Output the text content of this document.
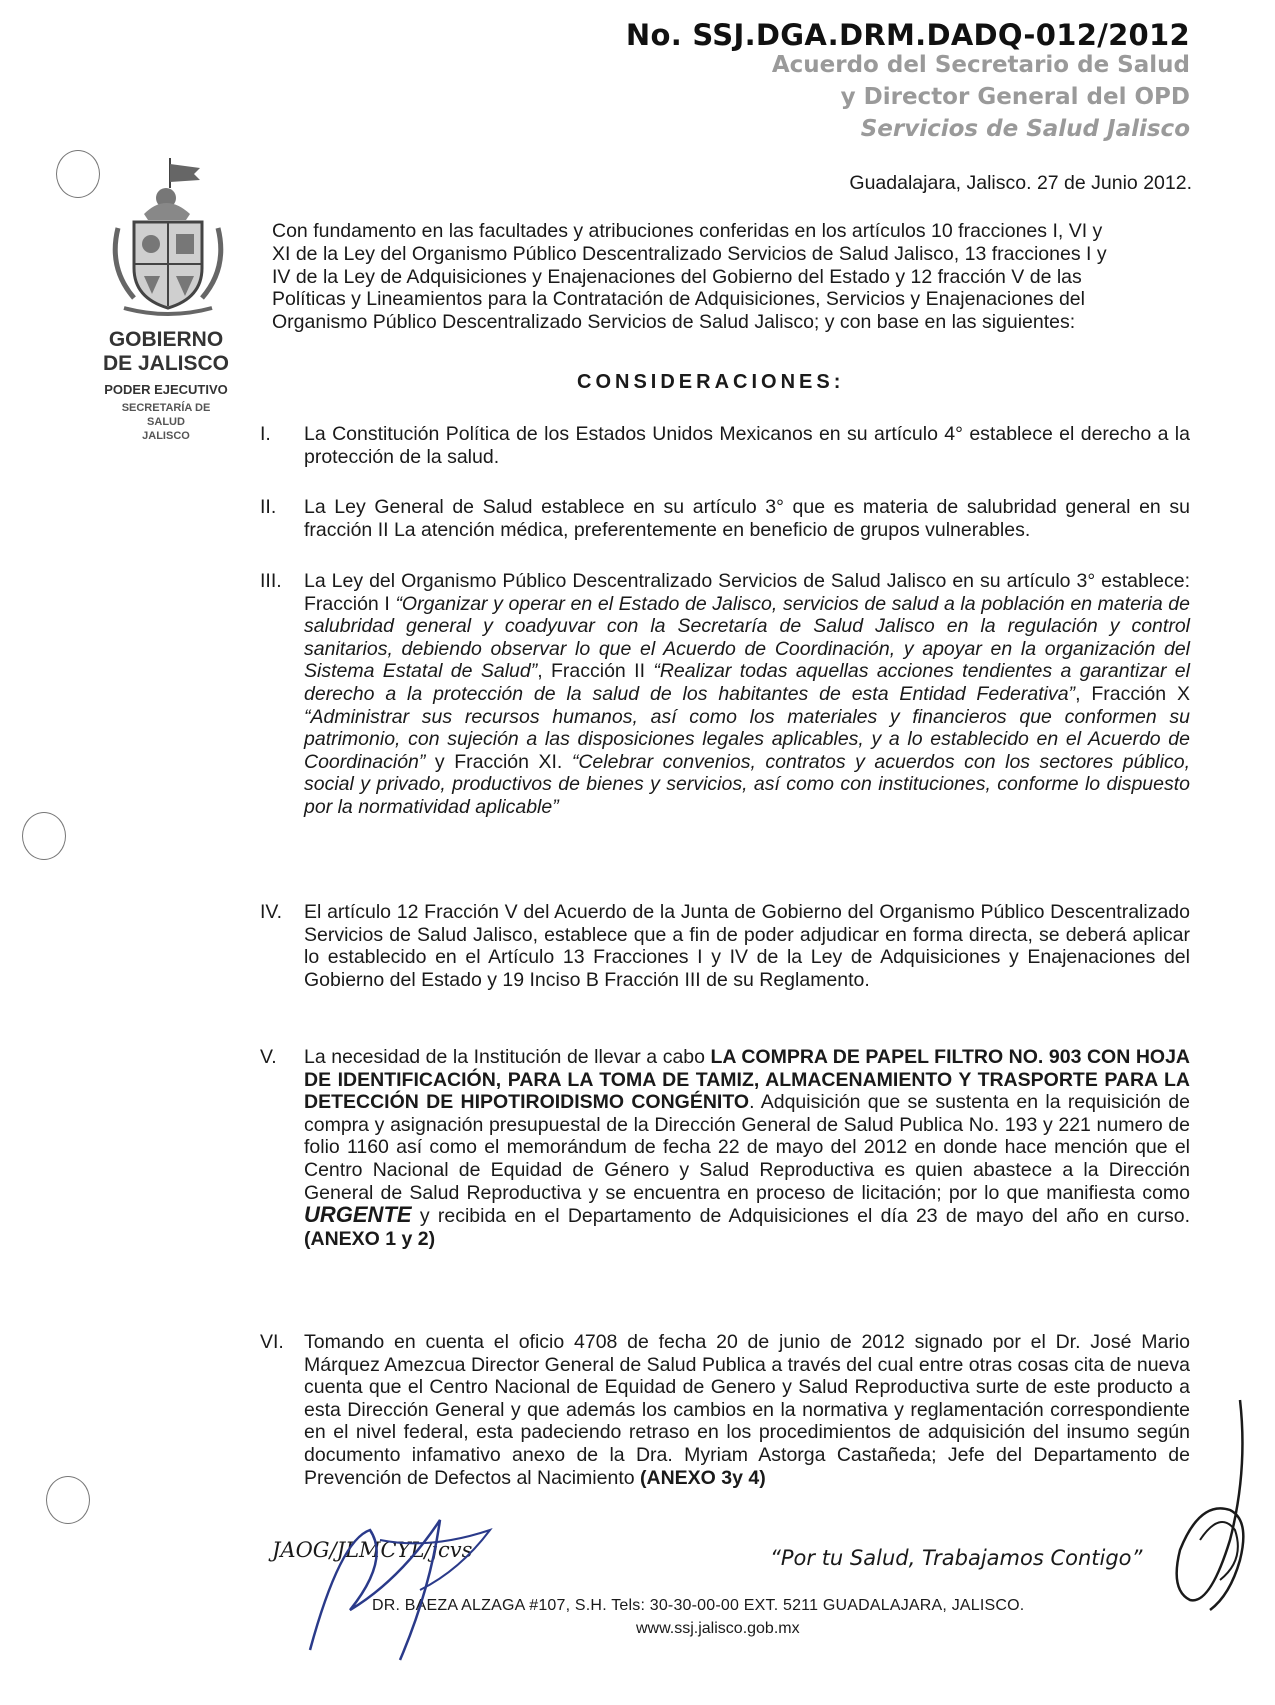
No. SSJ.DGA.DRM.DADQ-012/2012
Acuerdo del Secretario de Salud
y Director General del OPD
Servicios de Salud Jalisco
GOBIERNO
DE JALISCO
PODER EJECUTIVO
SECRETARÍA DE
SALUD
JALISCO
Guadalajara, Jalisco. 27 de Junio 2012.
Con fundamento en las facultades y atribuciones conferidas en los artículos 10 fracciones I, VI y
XI de la Ley del Organismo Público Descentralizado Servicios de Salud Jalisco, 13 fracciones I y
IV de la Ley de Adquisiciones y Enajenaciones del Gobierno del Estado y 12 fracción V de las
Políticas y Lineamientos para la Contratación de Adquisiciones, Servicios y Enajenaciones del
Organismo Público Descentralizado Servicios de Salud Jalisco; y con base en las siguientes:
CONSIDERACIONES:
I.	La Constitución Política de los Estados Unidos Mexicanos en su artículo 4° establece el derecho a la protección de la salud.
II.	La Ley General de Salud establece en su artículo 3° que es materia de salubridad general en su fracción II La atención médica, preferentemente en beneficio de grupos vulnerables.
III.	La Ley del Organismo Público Descentralizado Servicios de Salud Jalisco en su artículo 3° establece: Fracción I “Organizar y operar en el Estado de Jalisco, servicios de salud a la población en materia de salubridad general y coadyuvar con la Secretaría de Salud Jalisco en la regulación y control sanitarios, debiendo observar lo que el Acuerdo de Coordinación, y apoyar en la organización del Sistema Estatal de Salud”, Fracción II “Realizar todas aquellas acciones tendientes a garantizar el derecho a la protección de la salud de los habitantes de esta Entidad Federativa”, Fracción X “Administrar sus recursos humanos, así como los materiales y financieros que conformen su patrimonio, con sujeción a las disposiciones legales aplicables, y a lo establecido en el Acuerdo de Coordinación” y Fracción XI. “Celebrar convenios, contratos y acuerdos con los sectores público, social y privado, productivos de bienes y servicios, así como con instituciones, conforme lo dispuesto por la normatividad aplicable”
IV.	El artículo 12 Fracción V del Acuerdo de la Junta de Gobierno del Organismo Público Descentralizado Servicios de Salud Jalisco, establece que a fin de poder adjudicar en forma directa, se deberá aplicar lo establecido en el Artículo 13 Fracciones I y IV de la Ley de Adquisiciones y Enajenaciones del Gobierno del Estado y 19 Inciso B Fracción III de su Reglamento.
V.	La necesidad de la Institución de llevar a cabo LA COMPRA DE PAPEL FILTRO NO. 903 CON HOJA DE IDENTIFICACIÓN, PARA LA TOMA DE TAMIZ, ALMACENAMIENTO Y TRASPORTE PARA LA DETECCIÓN DE HIPOTIROIDISMO CONGÉNITO. Adquisición que se sustenta en la requisición de compra y asignación presupuestal de la Dirección General de Salud Publica No. 193 y 221 numero de folio 1160 así como el memorándum de fecha 22 de mayo del 2012 en donde hace mención que el Centro Nacional de Equidad de Género y Salud Reproductiva es quien abastece a la Dirección General de Salud Reproductiva y se encuentra en proceso de licitación; por lo que manifiesta como URGENTE y recibida en el Departamento de Adquisiciones el día 23 de mayo del año en curso.(ANEXO 1 y 2)
VI.	Tomando en cuenta el oficio 4708 de fecha 20 de junio de 2012 signado por el Dr. José Mario Márquez Amezcua Director General de Salud Publica a través del cual entre otras cosas cita de nueva cuenta que el Centro Nacional de Equidad de Genero y Salud Reproductiva surte de este producto a esta Dirección General y que además los cambios en la normativa y reglamentación correspondiente en el nivel federal, esta padeciendo retraso en los procedimientos de adquisición del insumo según documento infamativo anexo de la Dra. Myriam Astorga Castañeda; Jefe del Departamento de Prevención de Defectos al Nacimiento (ANEXO 3y 4)
JAOG/JLMCYL/jcvs	“Por tu Salud, Trabajamos Contigo”
DR. BAEZA ALZAGA #107, S.H. Tels: 30-30-00-00 EXT. 5211 GUADALAJARA, JALISCO.
www.ssj.jalisco.gob.mx
